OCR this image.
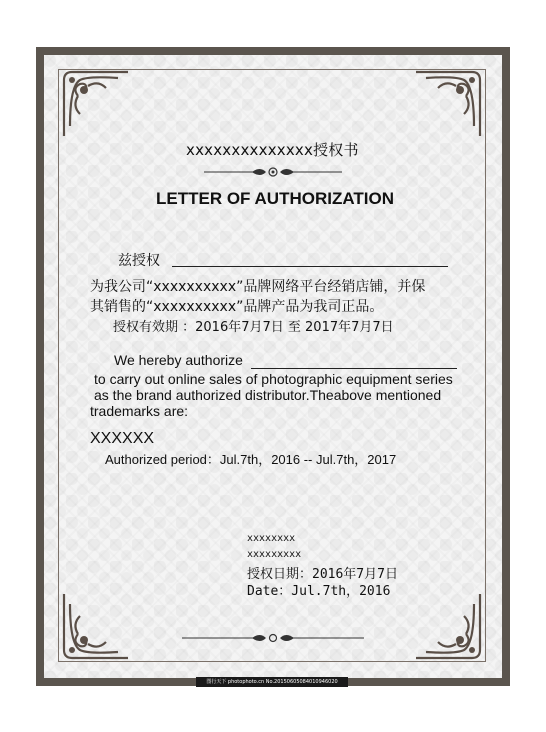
xxxxxxxxxxxxxx授权书
LETTER OF AUTHORIZATION
兹授权
为我公司“xxxxxxxxxx”品牌网络平台经销店铺，并保
其销售的“xxxxxxxxxx”品牌产品为我司正品。
授权有效期 ：2016年7月7日 至 2017年7月7日
We hereby authorize
to carry out online sales of photographic equipment series
as the brand authorized distributor.Theabove mentioned
trademarks are:
XXXXXX
Authorized period：Jul.7th，2016 -- Jul.7th，2017
xxxxxxxx
xxxxxxxxx
授权日期：2016年7月7日
Date：Jul.7th，2016
图行天下 photophoto.cn No.20150605084010946020
